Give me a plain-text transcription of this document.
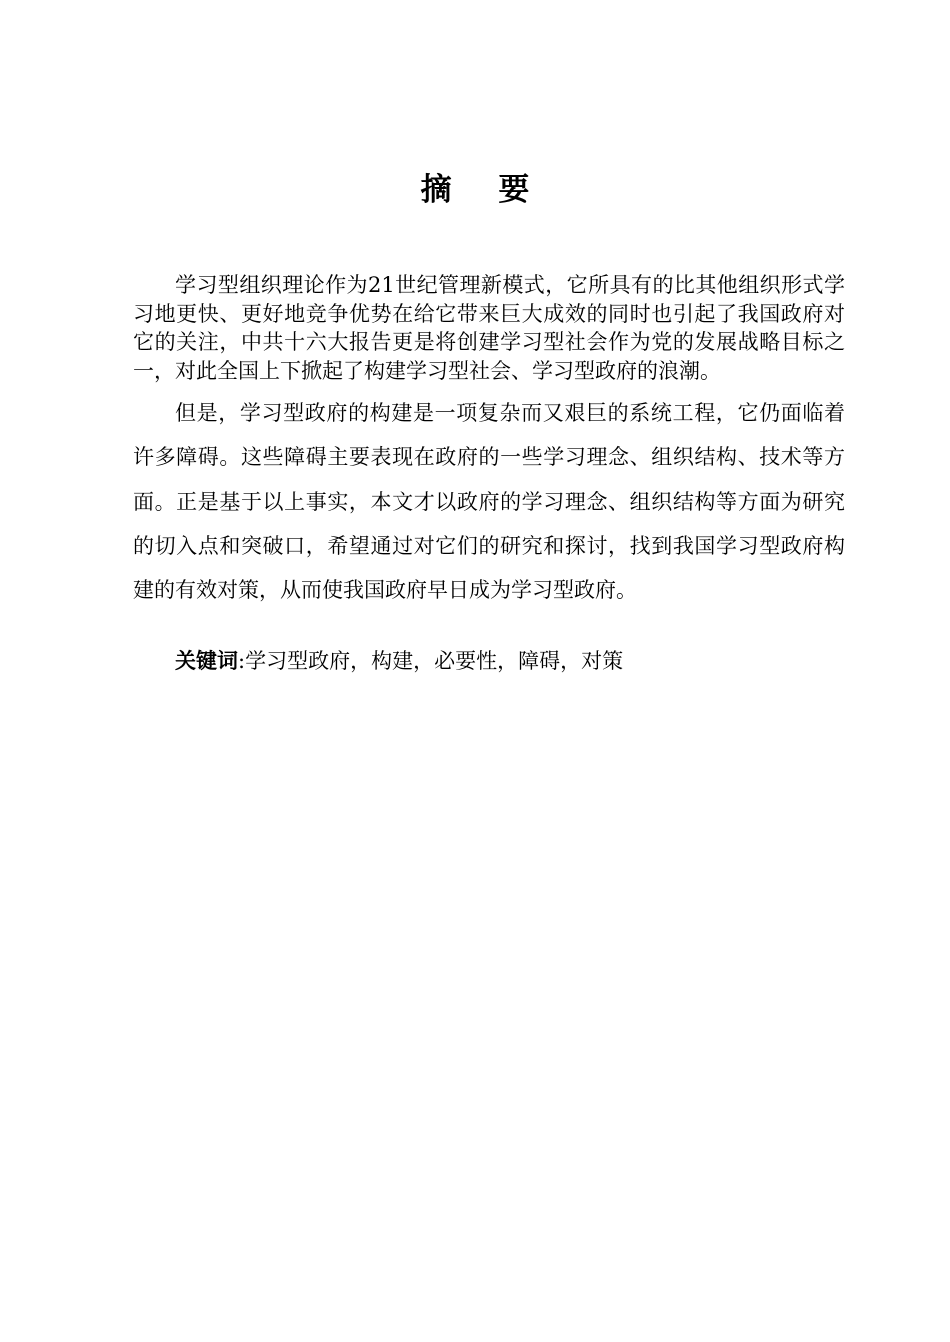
摘 要

学习型组织理论作为21世纪管理新模式，它所具有的比其他组织形式学习地更快、更好地竞争优势在给它带来巨大成效的同时也引起了我国政府对它的关注，中共十六大报告更是将创建学习型社会作为党的发展战略目标之一，对此全国上下掀起了构建学习型社会、学习型政府的浪潮。

但是，学习型政府的构建是一项复杂而又艰巨的系统工程，它仍面临着许多障碍。这些障碍主要表现在政府的一些学习理念、组织结构、技术等方面。正是基于以上事实，本文才以政府的学习理念、组织结构等方面为研究的切入点和突破口，希望通过对它们的研究和探讨，找到我国学习型政府构建的有效对策，从而使我国政府早日成为学习型政府。

关键词:学习型政府，构建，必要性，障碍，对策
